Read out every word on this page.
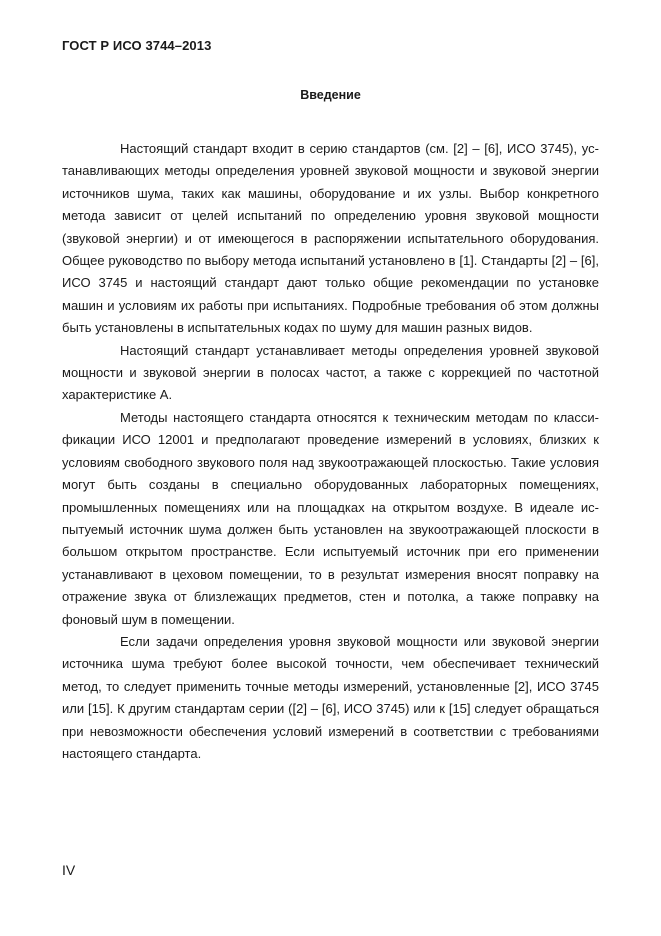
ГОСТ Р ИСО 3744–2013
Введение

Настоящий стандарт входит в серию стандартов (см. [2] – [6], ИСО 3745), устанавливающих методы определения уровней звуковой мощности и звуковой энергии источников шума, таких как машины, оборудование и их узлы. Выбор конкретного метода зависит от целей испытаний по определению уровня звуковой мощности (звуковой энергии) и от имеющегося в распоряжении испытательного оборудования. Общее руководство по выбору метода испытаний установлено в [1]. Стандарты [2] – [6], ИСО 3745 и настоящий стандарт дают только общие рекомендации по установке машин и условиям их работы при испытаниях. Подробные требования об этом должны быть установлены в испытательных кодах по шуму для машин разных видов.

Настоящий стандарт устанавливает методы определения уровней звуковой мощности и звуковой энергии в полосах частот, а также с коррекцией по частотной характеристике A.

Методы настоящего стандарта относятся к техническим методам по классификации ИСО 12001 и предполагают проведение измерений в условиях, близких к условиям свободного звукового поля над звукоотражающей плоскостью. Такие условия могут быть созданы в специально оборудованных лабораторных помещениях, промышленных помещениях или на площадках на открытом воздухе. В идеале испытуемый источник шума должен быть установлен на звукоотражающей плоскости в большом открытом пространстве. Если испытуемый источник при его применении устанавливают в цеховом помещении, то в результат измерения вносят поправку на отражение звука от близлежащих предметов, стен и потолка, а также поправку на фоновый шум в помещении.

Если задачи определения уровня звуковой мощности или звуковой энергии источника шума требуют более высокой точности, чем обеспечивает технический метод, то следует применить точные методы измерений, установленные [2], ИСО 3745 или [15]. К другим стандартам серии ([2] – [6], ИСО 3745) или к [15] следует обращаться при невозможности обеспечения условий измерений в соответствии с требованиями настоящего стандарта.

IV
